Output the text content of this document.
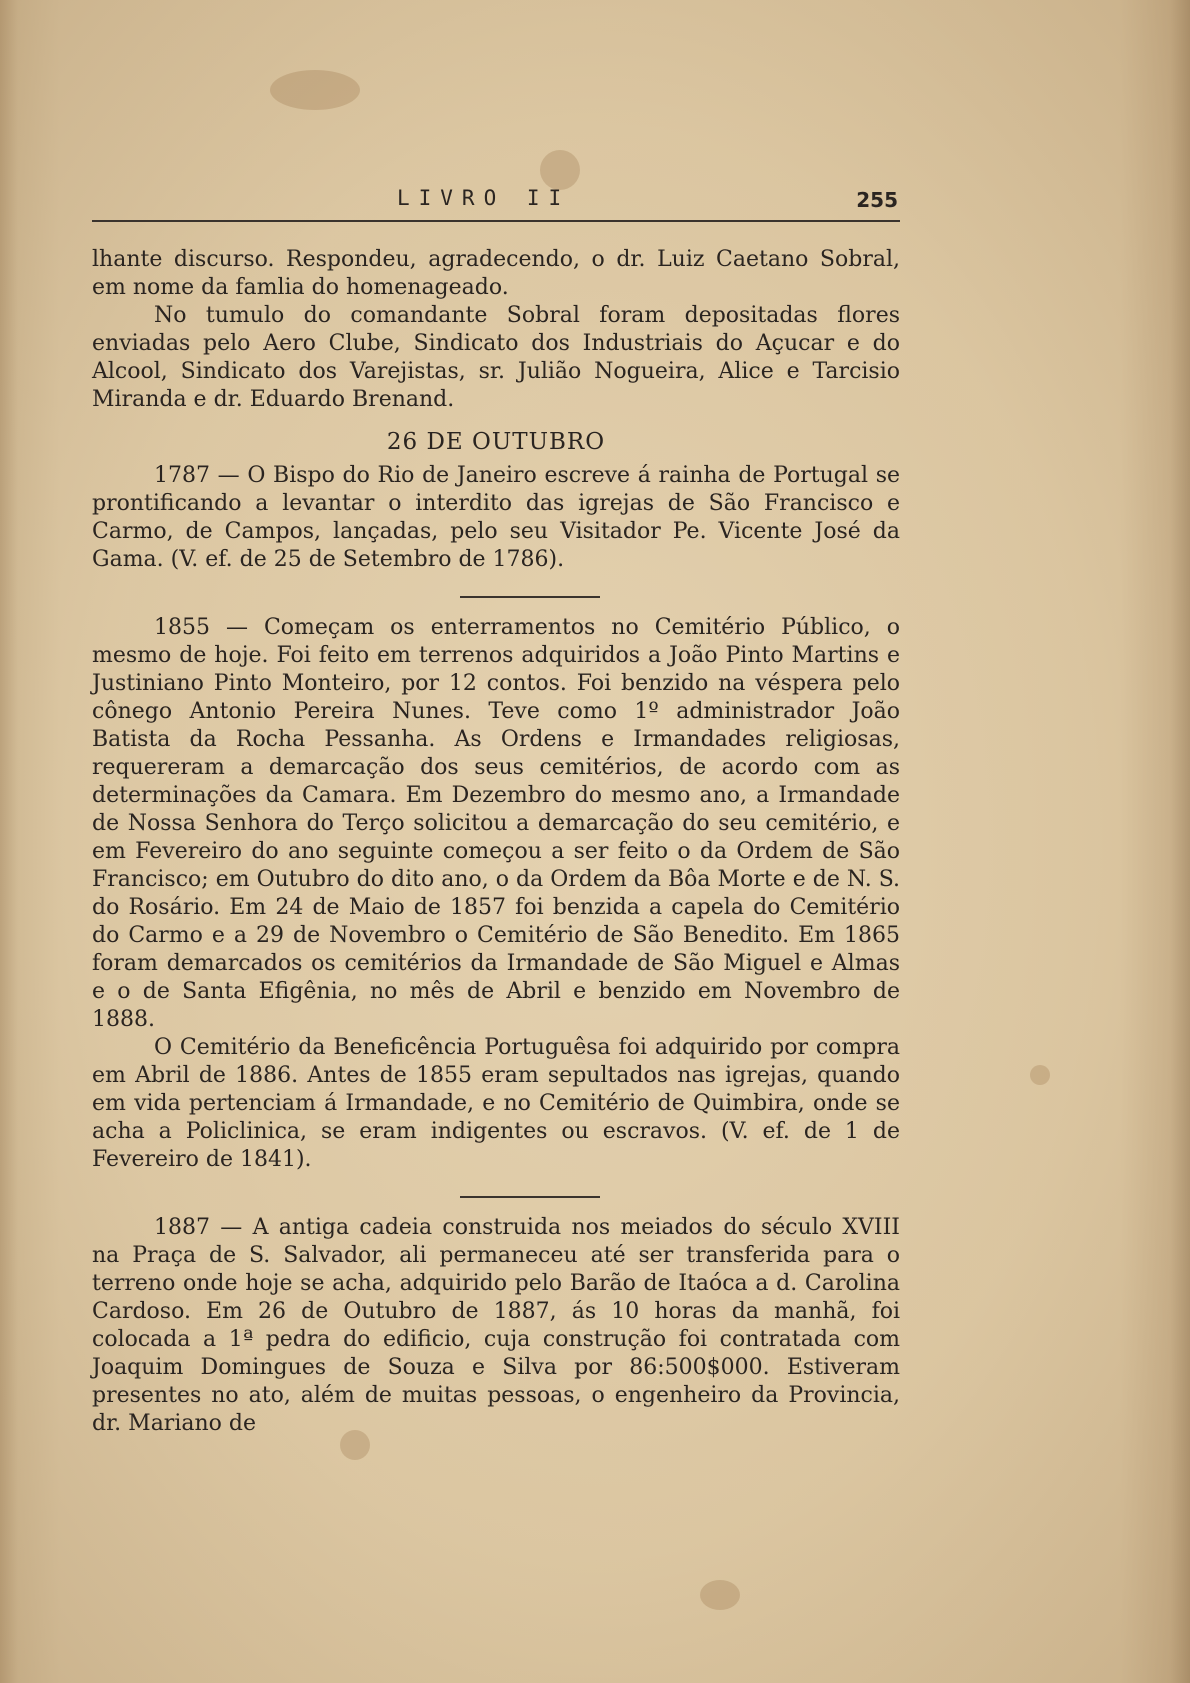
LIVRO II	255

lhante discurso. Respondeu, agradecendo, o dr. Luiz Caetano Sobral, em nome da famlia do homenageado.

No tumulo do comandante Sobral foram depositadas flores enviadas pelo Aero Clube, Sindicato dos Industriais do Açucar e do Alcool, Sindicato dos Varejistas, sr. Julião Nogueira, Alice e Tarcisio Miranda e dr. Eduardo Brenand.

26 DE OUTUBRO

1787 — O Bispo do Rio de Janeiro escreve á rainha de Portugal se prontificando a levantar o interdito das igrejas de São Francisco e Carmo, de Campos, lançadas, pelo seu Visitador Pe. Vicente José da Gama. (V. ef. de 25 de Setembro de 1786).

1855 — Começam os enterramentos no Cemitério Público, o mesmo de hoje. Foi feito em terrenos adquiridos a João Pinto Martins e Justiniano Pinto Monteiro, por 12 contos. Foi benzido na véspera pelo cônego Antonio Pereira Nunes. Teve como 1º administrador João Batista da Rocha Pessanha. As Ordens e Irmandades religiosas, requereram a demarcação dos seus cemitérios, de acordo com as determinações da Camara. Em Dezembro do mesmo ano, a Irmandade de Nossa Senhora do Terço solicitou a demarcação do seu cemitério, e em Fevereiro do ano seguinte começou a ser feito o da Ordem de São Francisco; em Outubro do dito ano, o da Ordem da Bôa Morte e de N. S. do Rosário. Em 24 de Maio de 1857 foi benzida a capela do Cemitério do Carmo e a 29 de Novembro o Cemitério de São Benedito. Em 1865 foram demarcados os cemitérios da Irmandade de São Miguel e Almas e o de Santa Efigênia, no mês de Abril e benzido em Novembro de 1888.

O Cemitério da Beneficência Portuguêsa foi adquirido por compra em Abril de 1886. Antes de 1855 eram sepultados nas igrejas, quando em vida pertenciam á Irmandade, e no Cemitério de Quimbira, onde se acha a Policlinica, se eram indigentes ou escravos. (V. ef. de 1 de Fevereiro de 1841).

1887 — A antiga cadeia construida nos meiados do século XVIII na Praça de S. Salvador, ali permaneceu até ser transferida para o terreno onde hoje se acha, adquirido pelo Barão de Itaóca a d. Carolina Cardoso. Em 26 de Outubro de 1887, ás 10 horas da manhã, foi colocada a 1ª pedra do edificio, cuja construção foi contratada com Joaquim Domingues de Souza e Silva por 86:500$000. Estiveram presentes no ato, além de muitas pessoas, o engenheiro da Provincia, dr. Mariano de
